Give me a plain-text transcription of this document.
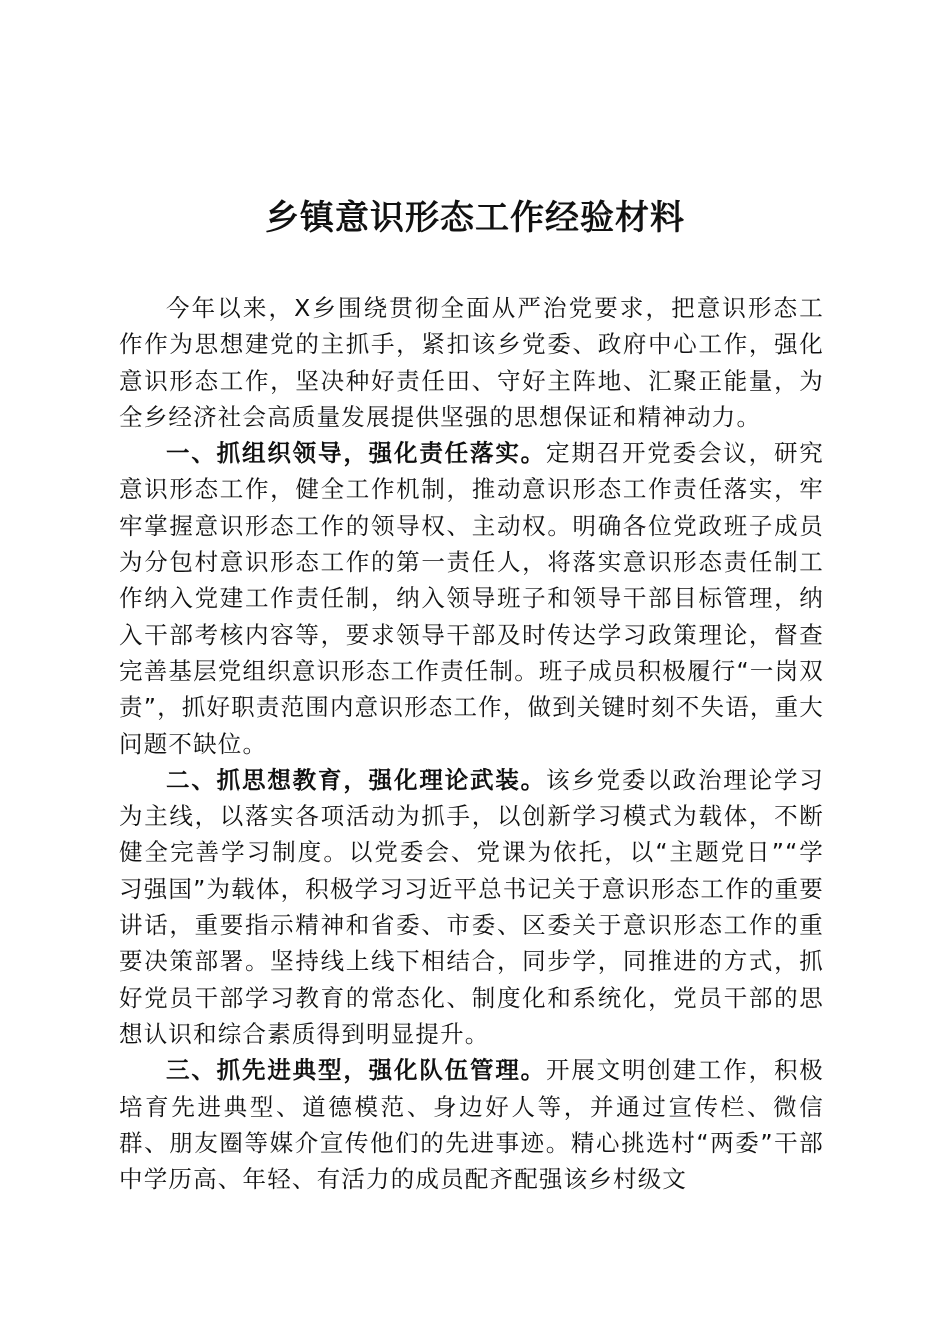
乡镇意识形态工作经验材料

今年以来，X乡围绕贯彻全面从严治党要求，把意识形态工作作为思想建党的主抓手，紧扣该乡党委、政府中心工作，强化意识形态工作，坚决种好责任田、守好主阵地、汇聚正能量，为全乡经济社会高质量发展提供坚强的思想保证和精神动力。

一、抓组织领导，强化责任落实。定期召开党委会议，研究意识形态工作，健全工作机制，推动意识形态工作责任落实，牢牢掌握意识形态工作的领导权、主动权。明确各位党政班子成员为分包村意识形态工作的第一责任人，将落实意识形态责任制工作纳入党建工作责任制，纳入领导班子和领导干部目标管理，纳入干部考核内容等，要求领导干部及时传达学习政策理论，督查完善基层党组织意识形态工作责任制。班子成员积极履行“一岗双责”，抓好职责范围内意识形态工作，做到关键时刻不失语，重大问题不缺位。

二、抓思想教育，强化理论武装。该乡党委以政治理论学习为主线，以落实各项活动为抓手，以创新学习模式为载体，不断健全完善学习制度。以党委会、党课为依托，以“主题党日”“学习强国”为载体，积极学习习近平总书记关于意识形态工作的重要讲话，重要指示精神和省委、市委、区委关于意识形态工作的重要决策部署。坚持线上线下相结合，同步学，同推进的方式，抓好党员干部学习教育的常态化、制度化和系统化，党员干部的思想认识和综合素质得到明显提升。

三、抓先进典型，强化队伍管理。开展文明创建工作，积极培育先进典型、道德模范、身边好人等，并通过宣传栏、微信群、朋友圈等媒介宣传他们的先进事迹。精心挑选村“两委”干部中学历高、年轻、有活力的成员配齐配强该乡村级文
